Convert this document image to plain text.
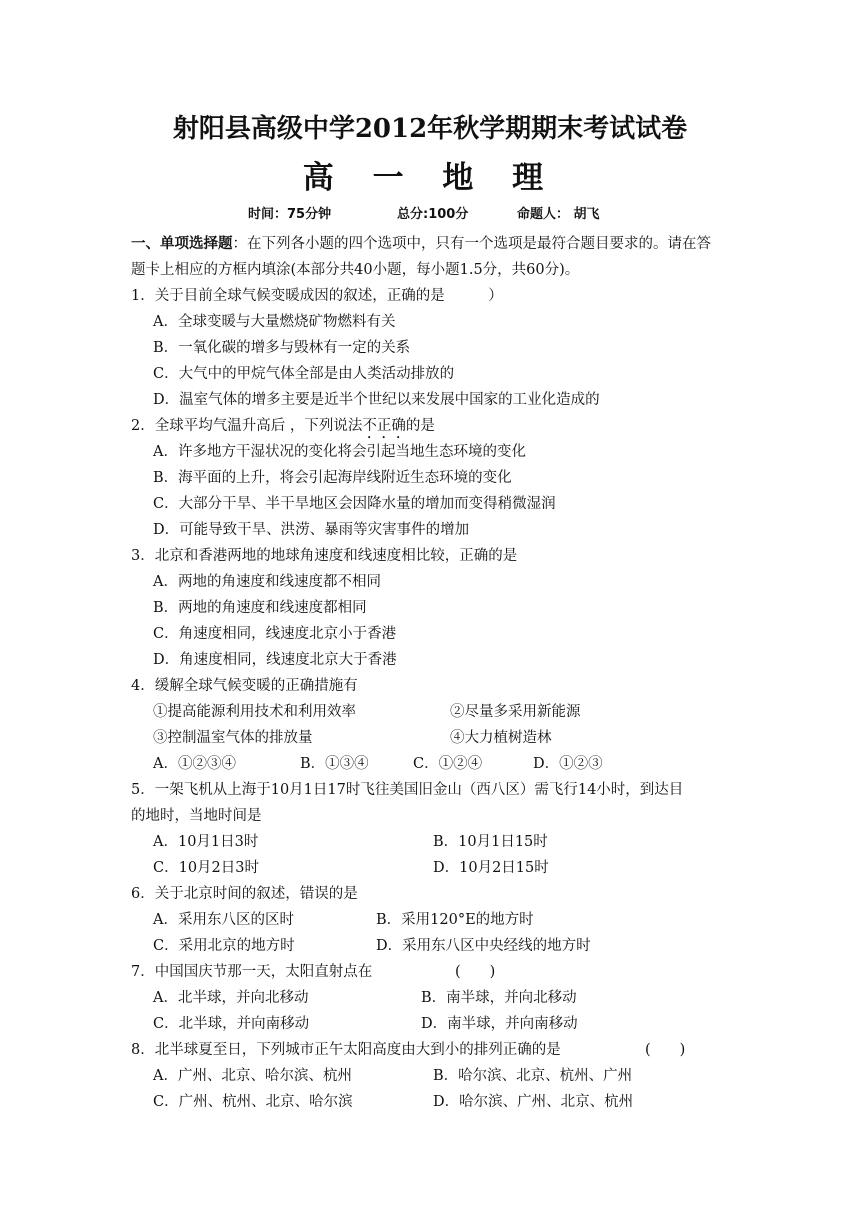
射阳县高级中学2012年秋学期期末考试试卷
高 一 地 理
时间：75分钟	总分:100分	命题人： 胡飞
一、单项选择题：在下列各小题的四个选项中，只有一个选项是最符合题目要求的。请在答
题卡上相应的方框内填涂(本部分共40小题，每小题1.5分，共60分)。
1．关于目前全球气候变暖成因的叙述，正确的是　　　）
A．全球变暖与大量燃烧矿物燃料有关
B．一氧化碳的增多与毁林有一定的关系
C．大气中的甲烷气体全部是由人类活动排放的
D．温室气体的增多主要是近半个世纪以来发展中国家的工业化造成的
2．全球平均气温升高后 ，下列说法不正确的是
A．许多地方干湿状况的变化将会引起当地生态环境的变化
B．海平面的上升，将会引起海岸线附近生态环境的变化
C．大部分干旱、半干旱地区会因降水量的增加而变得稍微湿润
D．可能导致干旱、洪涝、暴雨等灾害事件的增加
3．北京和香港两地的地球角速度和线速度相比较，正确的是
A．两地的角速度和线速度都不相同
B．两地的角速度和线速度都相同
C．角速度相同，线速度北京小于香港
D．角速度相同，线速度北京大于香港
4．缓解全球气候变暖的正确措施有
①提高能源利用技术和利用效率	②尽量多采用新能源
③控制温室气体的排放量	④大力植树造林
A．①②③④	B．①③④	C．①②④	D．①②③
5．一架飞机从上海于10月1日17时飞往美国旧金山（西八区）需飞行14小时，到达目
的地时，当地时间是
A．10月1日3时	B．10月1日15时
C．10月2日3时	D．10月2日15时
6．关于北京时间的叙述，错误的是
A．采用东八区的区时	B．采用120°E的地方时
C．采用北京的地方时	D．采用东八区中央经线的地方时
7．中国国庆节那一天，太阳直射点在	(　　)
A．北半球，并向北移动	B．南半球，并向北移动
C．北半球，并向南移动	D．南半球，并向南移动
8．北半球夏至日，下列城市正午太阳高度由大到小的排列正确的是	(　　)
A．广州、北京、哈尔滨、杭州	B．哈尔滨、北京、杭州、广州
C．广州、杭州、北京、哈尔滨	D．哈尔滨、广州、北京、杭州
